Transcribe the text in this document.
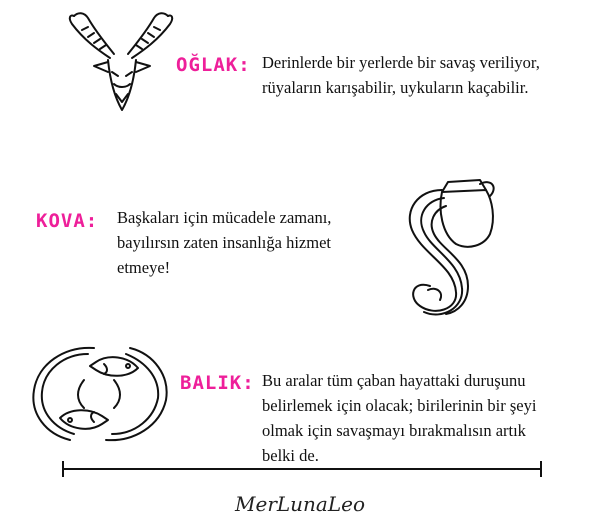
OĞLAK: Derinlerde bir yerlerde bir savaş veriliyor,
rüyaların karışabilir, uykuların kaçabilir.
KOVA: Başkaları için mücadele zamanı,
bayılırsın zaten insanlığa hizmet
etmeye!
BALIK: Bu aralar tüm çaban hayattaki duruşunu
belirlemek için olacak; birilerinin bir şeyi
olmak için savaşmayı bırakmalısın artık
belki de.
MerLunaLeo
